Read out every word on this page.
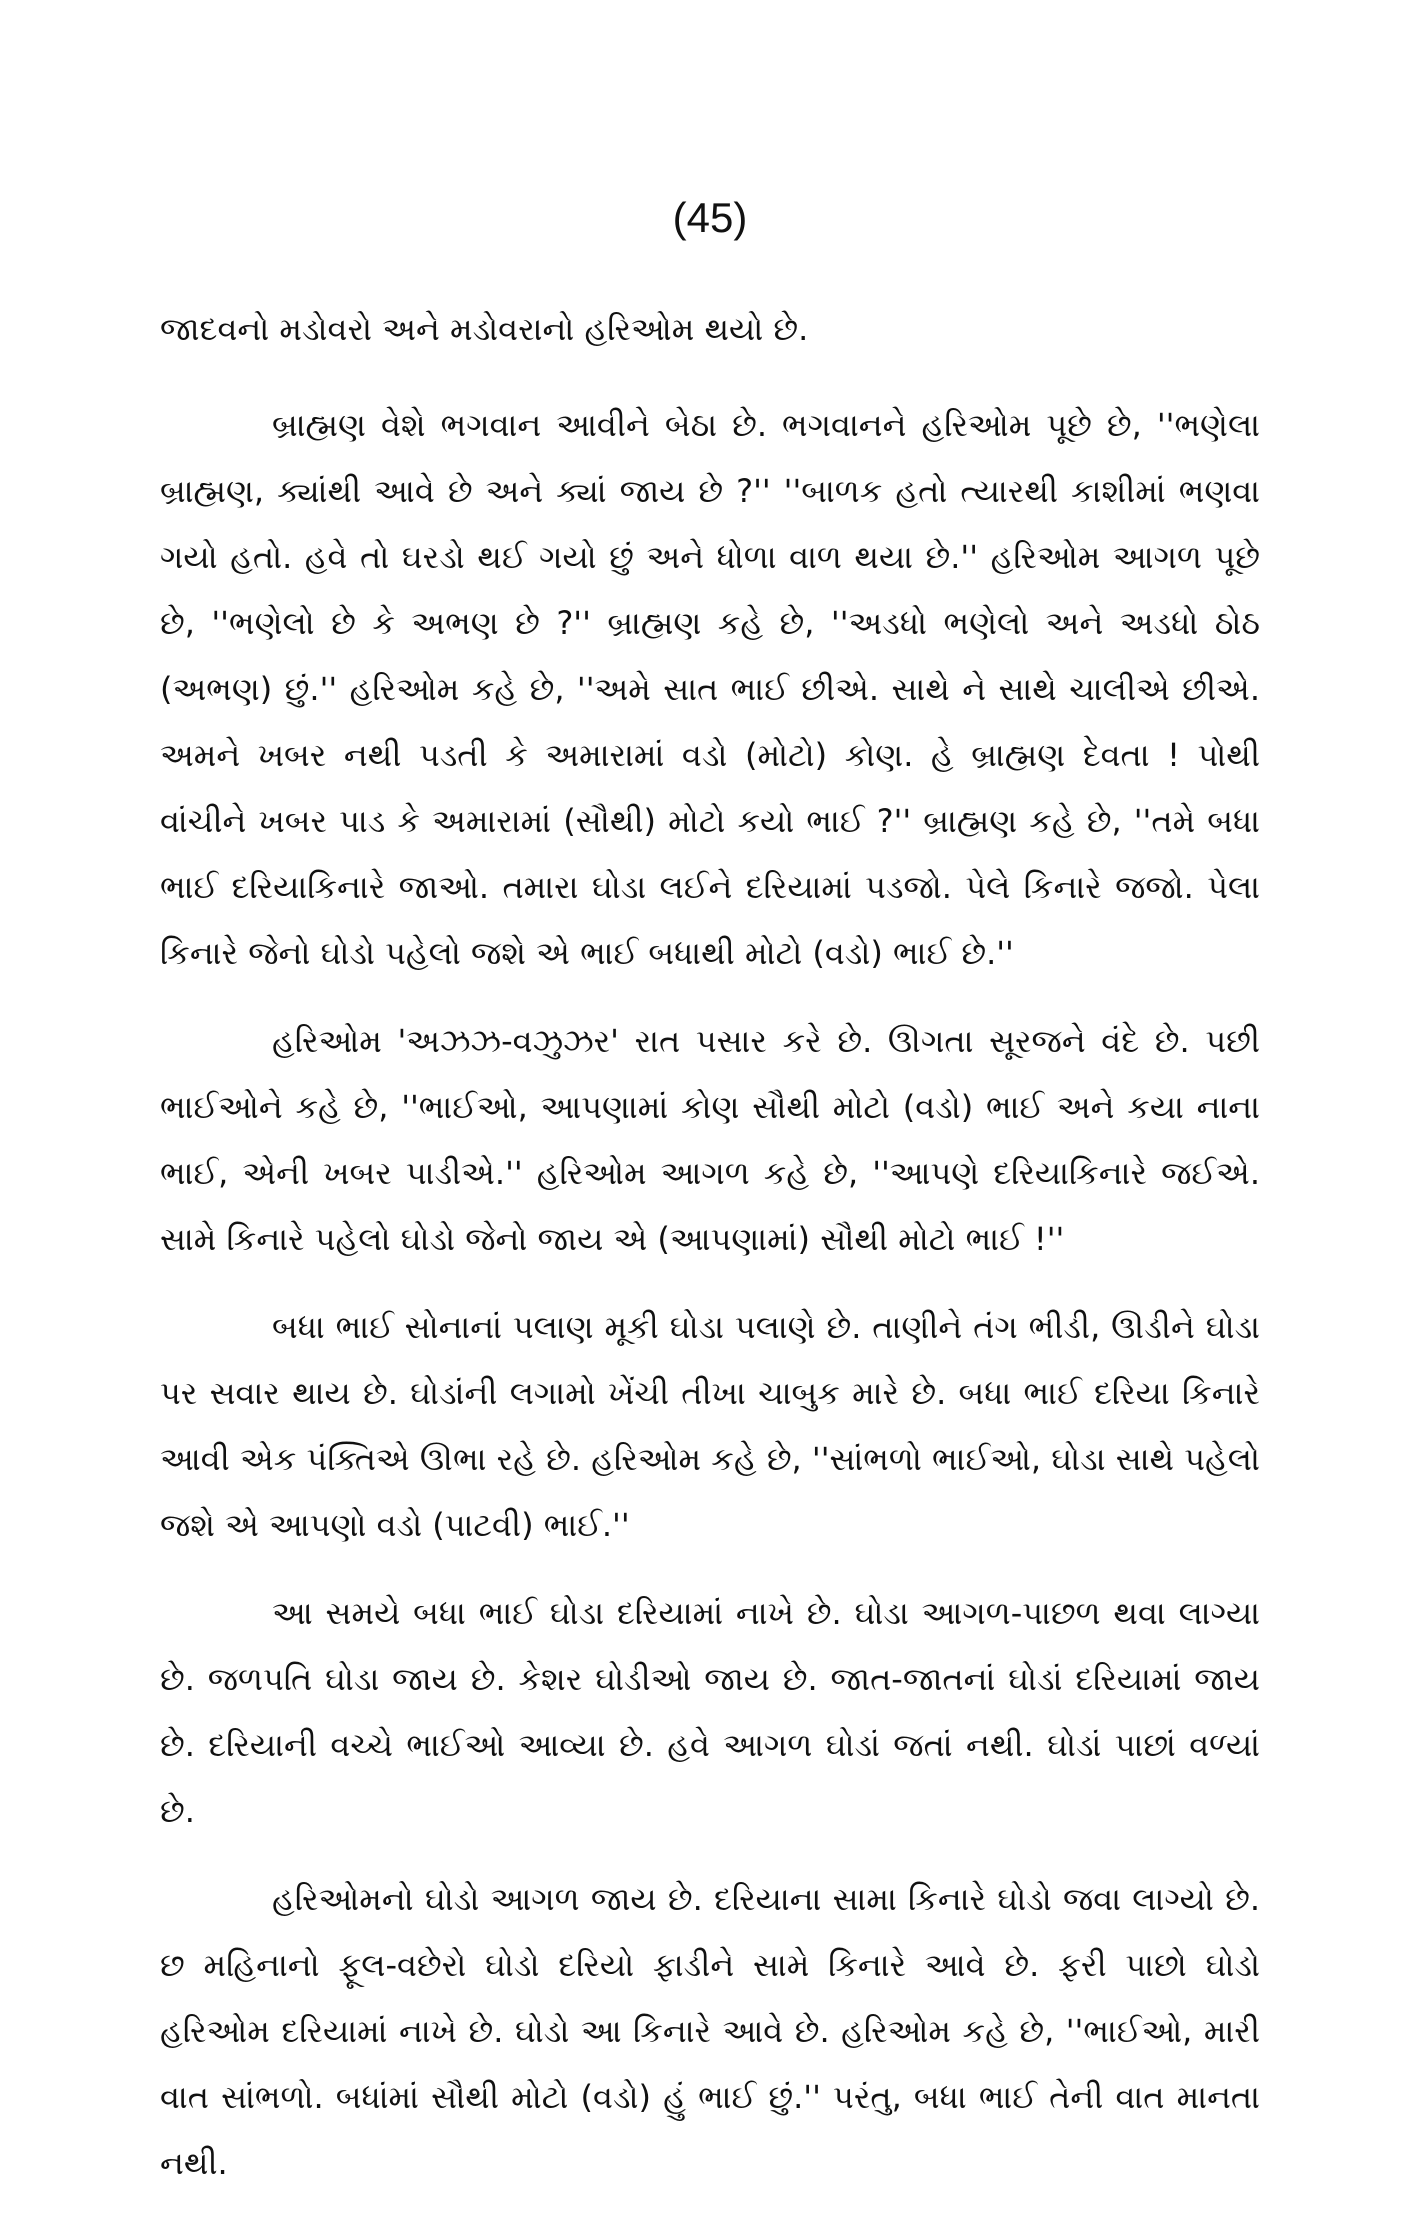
(45)

જાદવનો મડોવરો અને મડોવરાનો હરિઓમ થયો છે.

બ્રાહ્મણ વેશે ભગવાન આવીને બેઠા છે. ભગવાનને હરિઓમ પૂછે છે, ''ભણેલા બ્રાહ્મણ, ક્યાંથી આવે છે અને ક્યાં જાય છે ?'' ''બાળક હતો ત્યારથી કાશીમાં ભણવા ગયો હતો. હવે તો ઘરડો થઈ ગયો છું અને ધોળા વાળ થયા છે.'' હરિઓમ આગળ પૂછે છે, ''ભણેલો છે કે અભણ છે ?'' બ્રાહ્મણ કહે છે, ''અડધો ભણેલો અને અડધો ઠોઠ (અભણ) છું.'' હરિઓમ કહે છે, ''અમે સાત ભાઈ છીએ. સાથે ને સાથે ચાલીએ છીએ. અમને ખબર નથી પડતી કે અમારામાં વડો (મોટો) કોણ. હે બ્રાહ્મણ દેવતા ! પોથી વાંચીને ખબર પાડ કે અમારામાં (સૌથી) મોટો કયો ભાઈ ?'' બ્રાહ્મણ કહે છે, ''તમે બધા ભાઈ દરિયાકિનારે જાઓ. તમારા ઘોડા લઈને દરિયામાં પડજો. પેલે કિનારે જજો. પેલા કિનારે જેનો ઘોડો પહેલો જશે એ ભાઈ બધાથી મોટો (વડો) ભાઈ છે.''

હરિઓમ 'અઝઝ-વઝુઝર' રાત પસાર કરે છે. ઊગતા સૂરજને વંદે છે. પછી ભાઈઓને કહે છે, ''ભાઈઓ, આપણામાં કોણ સૌથી મોટો (વડો) ભાઈ અને કયા નાના ભાઈ, એની ખબર પાડીએ.'' હરિઓમ આગળ કહે છે, ''આપણે દરિયાકિનારે જઈએ. સામે કિનારે પહેલો ઘોડો જેનો જાય એ (આપણામાં) સૌથી મોટો ભાઈ !''

બધા ભાઈ સોનાનાં પલાણ મૂકી ઘોડા પલાણે છે. તાણીને તંગ ભીડી, ઊડીને ઘોડા પર સવાર થાય છે. ઘોડાંની લગામો ખેંચી તીખા ચાબુક મારે છે. બધા ભાઈ દરિયા કિનારે આવી એક પંક્તિએ ઊભા રહે છે. હરિઓમ કહે છે, ''સાંભળો ભાઈઓ, ઘોડા સાથે પહેલો જશે એ આપણો વડો (પાટવી) ભાઈ.''

આ સમયે બધા ભાઈ ઘોડા દરિયામાં નાખે છે. ઘોડા આગળ-પાછળ થવા લાગ્યા છે. જળપતિ ઘોડા જાય છે. કેશર ઘોડીઓ જાય છે. જાત-જાતનાં ઘોડાં દરિયામાં જાય છે. દરિયાની વચ્ચે ભાઈઓ આવ્યા છે. હવે આગળ ઘોડાં જતાં નથી. ઘોડાં પાછાં વળ્યાં છે.

હરિઓમનો ઘોડો આગળ જાય છે. દરિયાના સામા કિનારે ઘોડો જવા લાગ્યો છે. છ મહિનાનો ફૂલ-વછેરો ઘોડો દરિયો ફાડીને સામે કિનારે આવે છે. ફરી પાછો ઘોડો હરિઓમ દરિયામાં નાખે છે. ઘોડો આ કિનારે આવે છે. હરિઓમ કહે છે, ''ભાઈઓ, મારી વાત સાંભળો. બધાંમાં સૌથી મોટો (વડો) હું ભાઈ છું.'' પરંતુ, બધા ભાઈ તેની વાત માનતા નથી.
